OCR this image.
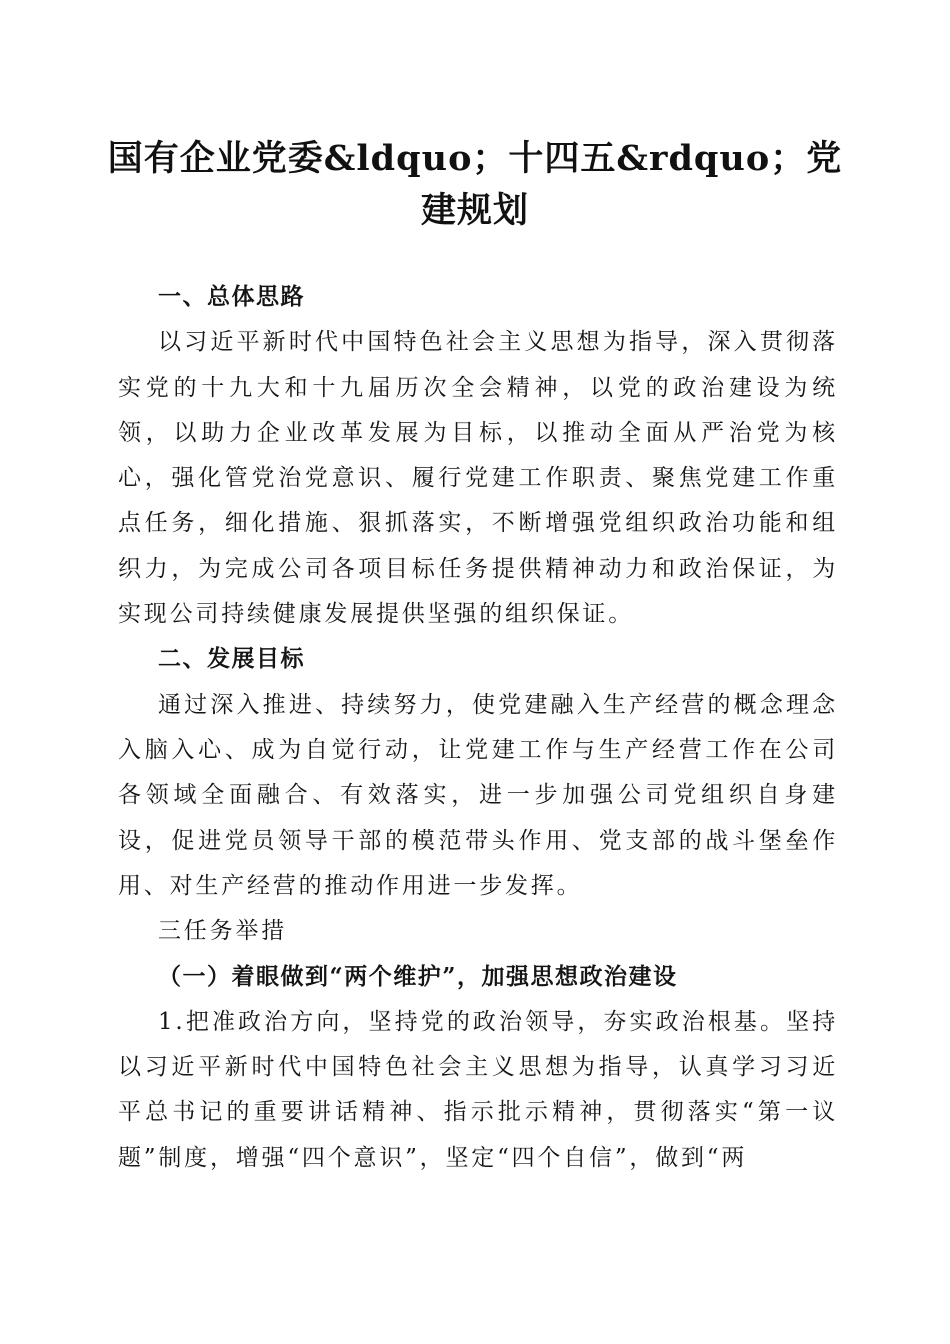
国有企业党委&ldquo；十四五&rdquo；党建规划

一、总体思路

以习近平新时代中国特色社会主义思想为指导，深入贯彻落实党的十九大和十九届历次全会精神，以党的政治建设为统领，以助力企业改革发展为目标，以推动全面从严治党为核心，强化管党治党意识、履行党建工作职责、聚焦党建工作重点任务，细化措施、狠抓落实，不断增强党组织政治功能和组织力，为完成公司各项目标任务提供精神动力和政治保证，为实现公司持续健康发展提供坚强的组织保证。

二、发展目标

通过深入推进、持续努力，使党建融入生产经营的概念理念入脑入心、成为自觉行动，让党建工作与生产经营工作在公司各领域全面融合、有效落实，进一步加强公司党组织自身建设，促进党员领导干部的模范带头作用、党支部的战斗堡垒作用、对生产经营的推动作用进一步发挥。

三任务举措

（一）着眼做到“两个维护”，加强思想政治建设

1.把准政治方向，坚持党的政治领导，夯实政治根基。坚持以习近平新时代中国特色社会主义思想为指导，认真学习习近平总书记的重要讲话精神、指示批示精神，贯彻落实“第一议题”制度，增强“四个意识”，坚定“四个自信”，做到“两
